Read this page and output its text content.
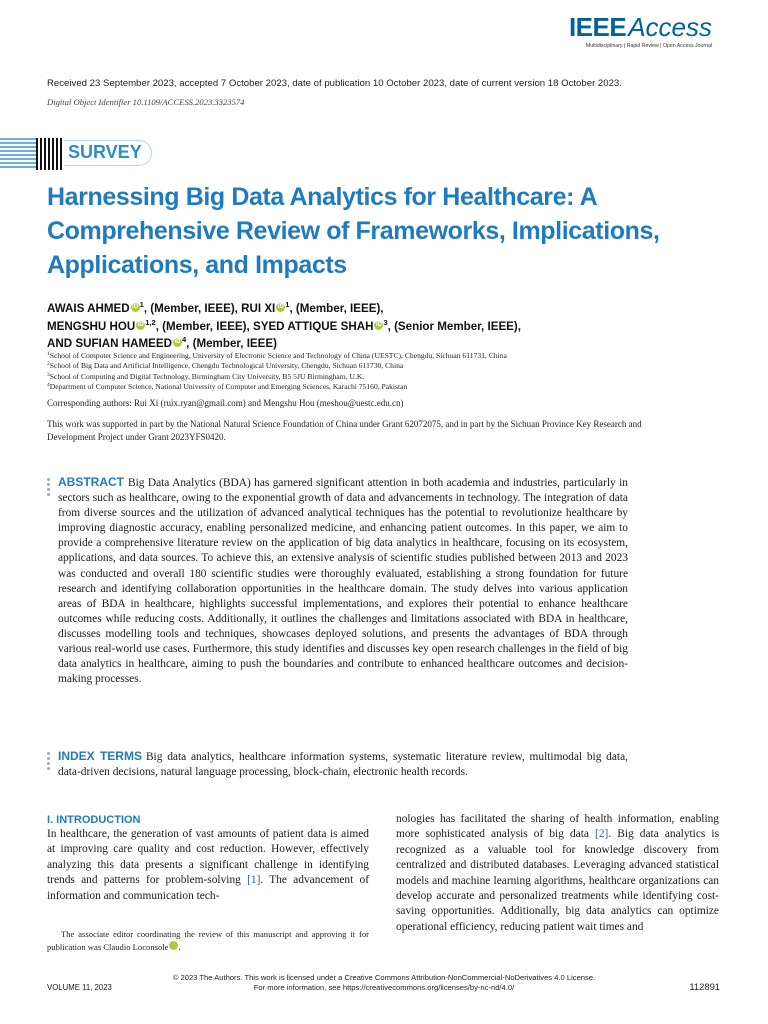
IEEEAccess
Multidisciplinary | Rapid Review | Open Access Journal
Received 23 September 2023, accepted 7 October 2023, date of publication 10 October 2023, date of current version 18 October 2023.
Digital Object Identifier 10.1109/ACCESS.2023.3323574
SURVEY
Harnessing Big Data Analytics for Healthcare: A Comprehensive Review of Frameworks, Implications, Applications, and Impacts
AWAIS AHMED iD $^1$, (Member, IEEE), RUI XI iD $^1$, (Member, IEEE),
MENGSHU HOU iD $^{1,2}$, (Member, IEEE), SYED ATTIQUE SHAH iD $^3$, (Senior Member, IEEE),
AND SUFIAN HAMEED iD $^4$, (Member, IEEE)
$^1$School of Computer Science and Engineering, University of Electronic Science and Technology of China (UESTC), Chengdu, Sichuan 611731, China
$^2$School of Big Data and Artificial Intelligence, Chengdu Technological University, Chengdu, Sichuan 611730, China
$^3$School of Computing and Digital Technology, Birmingham City University, B5 5JU Birmingham, U.K.
$^4$Department of Computer Science, National University of Computer and Emerging Sciences, Karachi 75160, Pakistan
Corresponding authors: Rui Xi (ruix.ryan@gmail.com) and Mengshu Hou (meshou@uestc.edu.cn)
This work was supported in part by the National Natural Science Foundation of China under Grant 62072075, and in part by the Sichuan Province Key Research and Development Project under Grant 2023YFS0420.

ABSTRACT Big Data Analytics (BDA) has garnered significant attention in both academia and industries, particularly in sectors such as healthcare, owing to the exponential growth of data and advancements in technology. The integration of data from diverse sources and the utilization of advanced analytical techniques has the potential to revolutionize healthcare by improving diagnostic accuracy, enabling personalized medicine, and enhancing patient outcomes. In this paper, we aim to provide a comprehensive literature review on the application of big data analytics in healthcare, focusing on its ecosystem, applications, and data sources. To achieve this, an extensive analysis of scientific studies published between 2013 and 2023 was conducted and overall 180 scientific studies were thoroughly evaluated, establishing a strong foundation for future research and identifying collaboration opportunities in the healthcare domain. The study delves into various application areas of BDA in healthcare, highlights successful implementations, and explores their potential to enhance healthcare outcomes while reducing costs. Additionally, it outlines the challenges and limitations associated with BDA in healthcare, discusses modelling tools and techniques, showcases deployed solutions, and presents the advantages of BDA through various real-world use cases. Furthermore, this study identifies and discusses key open research challenges in the field of big data analytics in healthcare, aiming to push the boundaries and contribute to enhanced healthcare outcomes and decision-making processes.

INDEX TERMS Big data analytics, healthcare information systems, systematic literature review, multimodal big data, data-driven decisions, natural language processing, block-chain, electronic health records.

I. INTRODUCTION

In healthcare, the generation of vast amounts of patient data is aimed at improving care quality and cost reduction. However, effectively analyzing this data presents a significant challenge in identifying trends and patterns for problem-solving [1]. The advancement of information and communication tech-

nologies has facilitated the sharing of health information, enabling more sophisticated analysis of big data [2]. Big data analytics is recognized as a valuable tool for knowledge discovery from centralized and distributed databases. Leveraging advanced statistical models and machine learning algorithms, healthcare organizations can develop accurate and personalized treatments while identifying cost-saving opportunities. Additionally, big data analytics can optimize operational efficiency, reducing patient wait times and

The associate editor coordinating the review of this manuscript and approving it for publication was Claudio Loconsole	iD.

© 2023 The Authors. This work is licensed under a Creative Commons Attribution-NonCommercial-NoDerivatives 4.0 License.
For more information, see https://creativecommons.org/licenses/by-nc-nd/4.0/
VOLUME 11, 2023	112891
